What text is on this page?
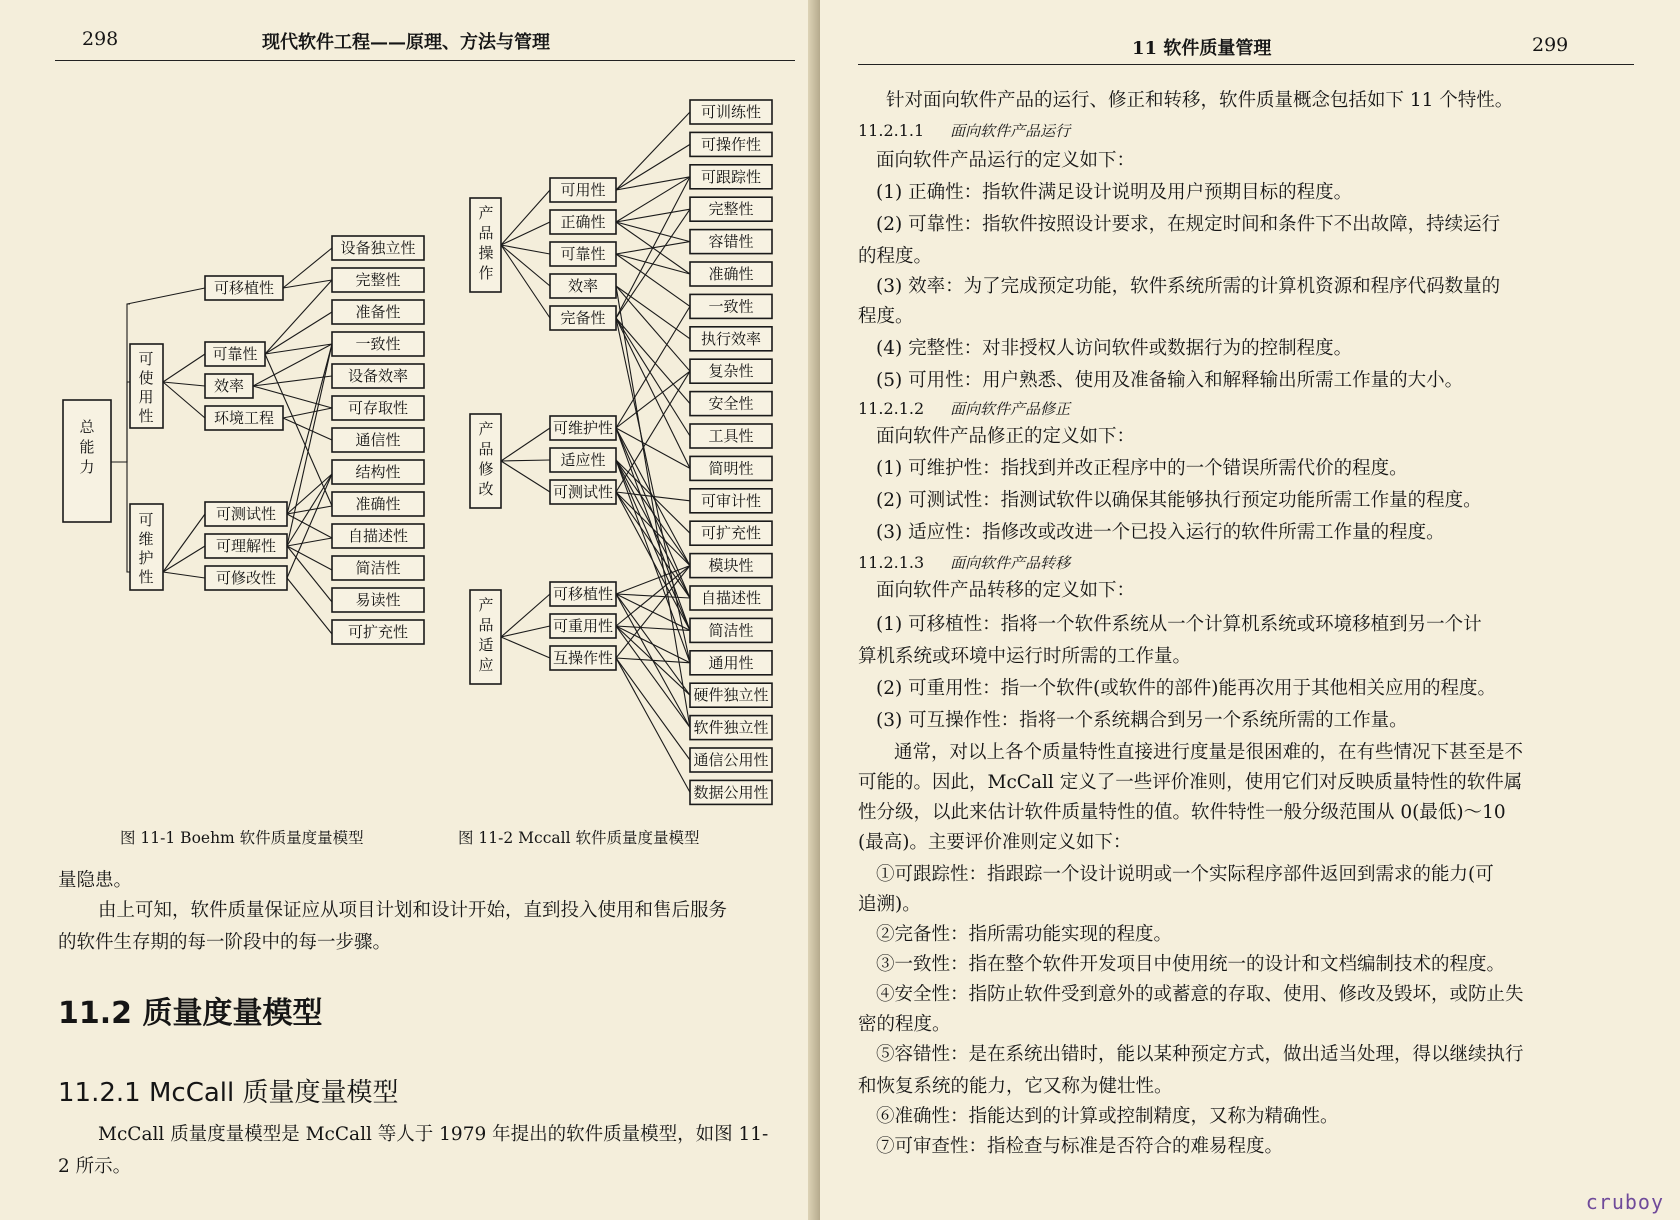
298	现代软件工程——原理、方法与管理
总
能
力
可
使
用
性
可
维
护
性
可移植性
可靠性
效率
环境工程
可测试性
可理解性
可修改性
设备独立性
完整性
准备性
一致性
设备效率
可存取性
通信性
结构性
准确性
自描述性
简洁性
易读性
可扩充性
产
品
操
作
产
品
修
改
产
品
适
应
可用性
正确性
可靠性
效率
完备性
可维护性
适应性
可测试性
可移植性
可重用性
互操作性
可训练性
可操作性
可跟踪性
完整性
容错性
准确性
一致性
执行效率
复杂性
安全性
工具性
简明性
可审计性
可扩充性
模块性
自描述性
简洁性
通用性
硬件独立性
软件独立性
通信公用性
数据公用性
图 11-1 Boehm 软件质量度量模型	图 11-2 Mccall 软件质量度量模型
量隐患。
由上可知，软件质量保证应从项目计划和设计开始，直到投入使用和售后服务
的软件生存期的每一阶段中的每一步骤。
11.2 质量度量模型
11.2.1 McCall 质量度量模型
McCall 质量度量模型是 McCall 等人于 1979 年提出的软件质量模型，如图 11-
2 所示。
11 软件质量管理	299
针对面向软件产品的运行、修正和转移，软件质量概念包括如下 11 个特性。
11.2.1.1 面向软件产品运行
面向软件产品运行的定义如下：
(1) 正确性：指软件满足设计说明及用户预期目标的程度。
(2) 可靠性：指软件按照设计要求，在规定时间和条件下不出故障，持续运行
的程度。
(3) 效率：为了完成预定功能，软件系统所需的计算机资源和程序代码数量的
程度。
(4) 完整性：对非授权人访问软件或数据行为的控制程度。
(5) 可用性：用户熟悉、使用及准备输入和解释输出所需工作量的大小。
11.2.1.2 面向软件产品修正
面向软件产品修正的定义如下：
(1) 可维护性：指找到并改正程序中的一个错误所需代价的程度。
(2) 可测试性：指测试软件以确保其能够执行预定功能所需工作量的程度。
(3) 适应性：指修改或改进一个已投入运行的软件所需工作量的程度。
11.2.1.3 面向软件产品转移
面向软件产品转移的定义如下：
(1) 可移植性：指将一个软件系统从一个计算机系统或环境移植到另一个计
算机系统或环境中运行时所需的工作量。
(2) 可重用性：指一个软件(或软件的部件)能再次用于其他相关应用的程度。
(3) 可互操作性：指将一个系统耦合到另一个系统所需的工作量。
通常，对以上各个质量特性直接进行度量是很困难的，在有些情况下甚至是不
可能的。因此，McCall 定义了一些评价准则，使用它们对反映质量特性的软件属
性分级，以此来估计软件质量特性的值。软件特性一般分级范围从 0(最低)～10
(最高)。主要评价准则定义如下：
①可跟踪性：指跟踪一个设计说明或一个实际程序部件返回到需求的能力(可
追溯)。
②完备性：指所需功能实现的程度。
③一致性：指在整个软件开发项目中使用统一的设计和文档编制技术的程度。
④安全性：指防止软件受到意外的或蓄意的存取、使用、修改及毁坏，或防止失
密的程度。
⑤容错性：是在系统出错时，能以某种预定方式，做出适当处理，得以继续执行
和恢复系统的能力，它又称为健壮性。
⑥准确性：指能达到的计算或控制精度，又称为精确性。
⑦可审查性：指检查与标准是否符合的难易程度。
cruboy
